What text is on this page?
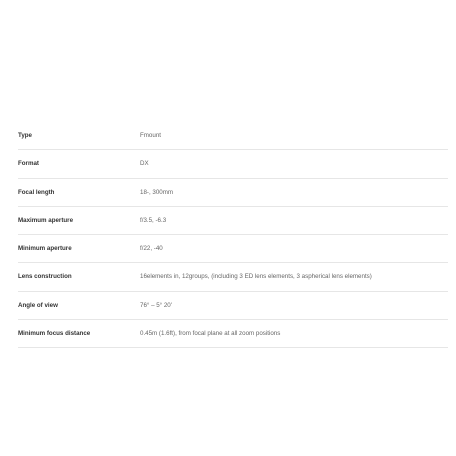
Type	Fmount
Format	DX
Focal length	18-, 300mm
Maximum aperture	f/3.5, -6.3
Minimum aperture	f/22, -40
Lens construction	16elements in, 12groups, (including 3 ED lens elements, 3 aspherical lens elements)
Angle of view	76° – 5° 20'
Minimum focus distance	0.45m (1.6ft), from focal plane at all zoom positions
